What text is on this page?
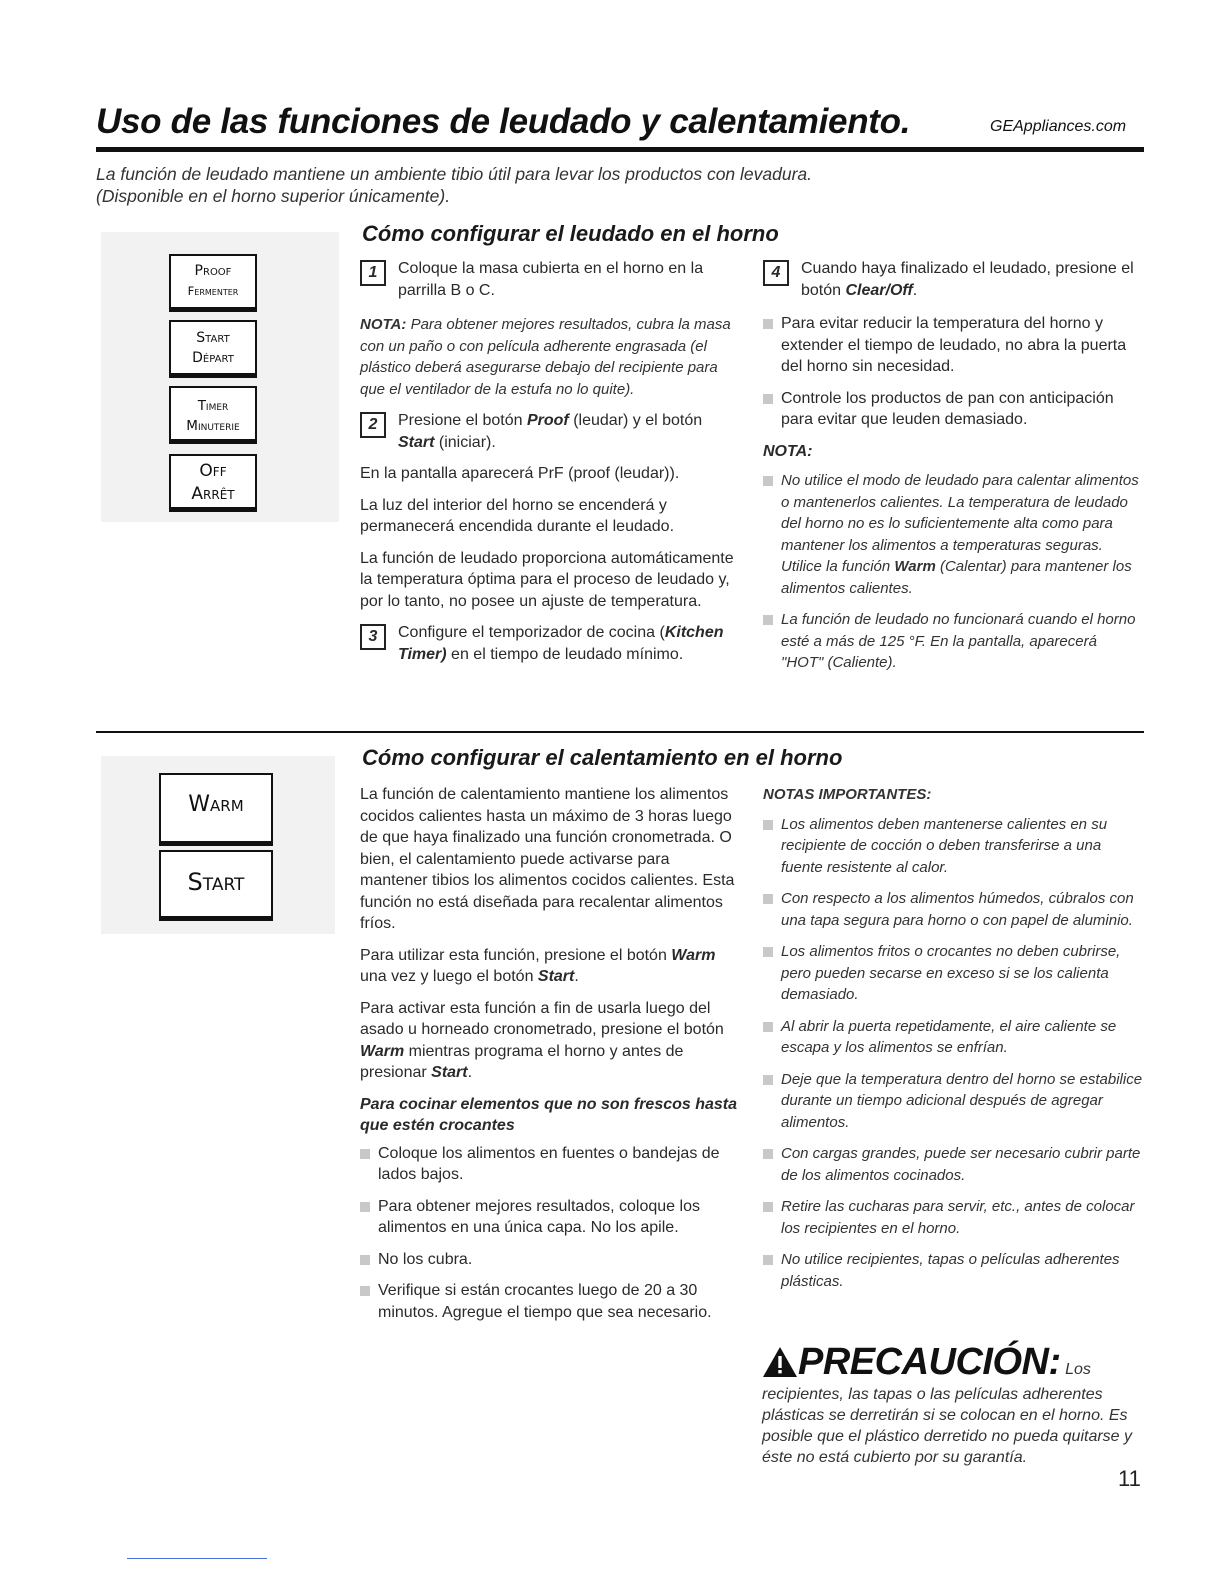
Uso de las funciones de leudado y calentamiento.	GEAppliances.com
La función de leudado mantiene un ambiente tibio útil para levar los productos con levadura.
(Disponible en el horno superior únicamente).
Cómo configurar el leudado en el horno
Proof
Fermenter
Start
Départ
Timer
Minuterie
Off
Arrêt
1	Coloque la masa cubierta en el horno en la parrilla B o C.

NOTA: Para obtener mejores resultados, cubra la masa con un paño o con película adherente engrasada (el plástico deberá asegurarse debajo del recipiente para que el ventilador de la estufa no lo quite).

2	Presione el botón Proof (leudar) y el botón Start (iniciar).

En la pantalla aparecerá PrF (proof (leudar)).

La luz del interior del horno se encenderá y permanecerá encendida durante el leudado.

La función de leudado proporciona automáticamente la temperatura óptima para el proceso de leudado y, por lo tanto, no posee un ajuste de temperatura.

3	Configure el temporizador de cocina (Kitchen Timer) en el tiempo de leudado mínimo.
4	Cuando haya finalizado el leudado, presione el botón Clear/Off.

Para evitar reducir la temperatura del horno y extender el tiempo de leudado, no abra la puerta del horno sin necesidad.

Controle los productos de pan con anticipación para evitar que leuden demasiado.

NOTA:

No utilice el modo de leudado para calentar alimentos o mantenerlos calientes. La temperatura de leudado del horno no es lo suficientemente alta como para mantener los alimentos a temperaturas seguras. Utilice la función Warm (Calentar) para mantener los alimentos calientes.

La función de leudado no funcionará cuando el horno esté a más de 125 °F. En la pantalla, aparecerá "HOT" (Caliente).

Cómo configurar el calentamiento en el horno
Warm
Start

La función de calentamiento mantiene los alimentos cocidos calientes hasta un máximo de 3 horas luego de que haya finalizado una función cronometrada. O bien, el calentamiento puede activarse para mantener tibios los alimentos cocidos calientes. Esta función no está diseñada para recalentar alimentos fríos.

Para utilizar esta función, presione el botón Warm una vez y luego el botón Start.

Para activar esta función a fin de usarla luego del asado u horneado cronometrado, presione el botón Warm mientras programa el horno y antes de presionar Start.

Para cocinar elementos que no son frescos hasta que estén crocantes

Coloque los alimentos en fuentes o bandejas de lados bajos.

Para obtener mejores resultados, coloque los alimentos en una única capa. No los apile.

No los cubra.

Verifique si están crocantes luego de 20 a 30 minutos. Agregue el tiempo que sea necesario.

NOTAS IMPORTANTES:

Los alimentos deben mantenerse calientes en su recipiente de cocción o deben transferirse a una fuente resistente al calor.

Con respecto a los alimentos húmedos, cúbralos con una tapa segura para horno o con papel de aluminio.

Los alimentos fritos o crocantes no deben cubrirse, pero pueden secarse en exceso si se los calienta demasiado.

Al abrir la puerta repetidamente, el aire caliente se escapa y los alimentos se enfrían.

Deje que la temperatura dentro del horno se estabilice durante un tiempo adicional después de agregar alimentos.

Con cargas grandes, puede ser necesario cubrir parte de los alimentos cocinados.

Retire las cucharas para servir, etc., antes de colocar los recipientes en el horno.

No utilice recipientes, tapas o películas adherentes plásticas.

PRECAUCIÓN: Los recipientes, las tapas o las películas adherentes plásticas se derretirán si se colocan en el horno. Es posible que el plástico derretido no pueda quitarse y éste no está cubierto por su garantía.
11
